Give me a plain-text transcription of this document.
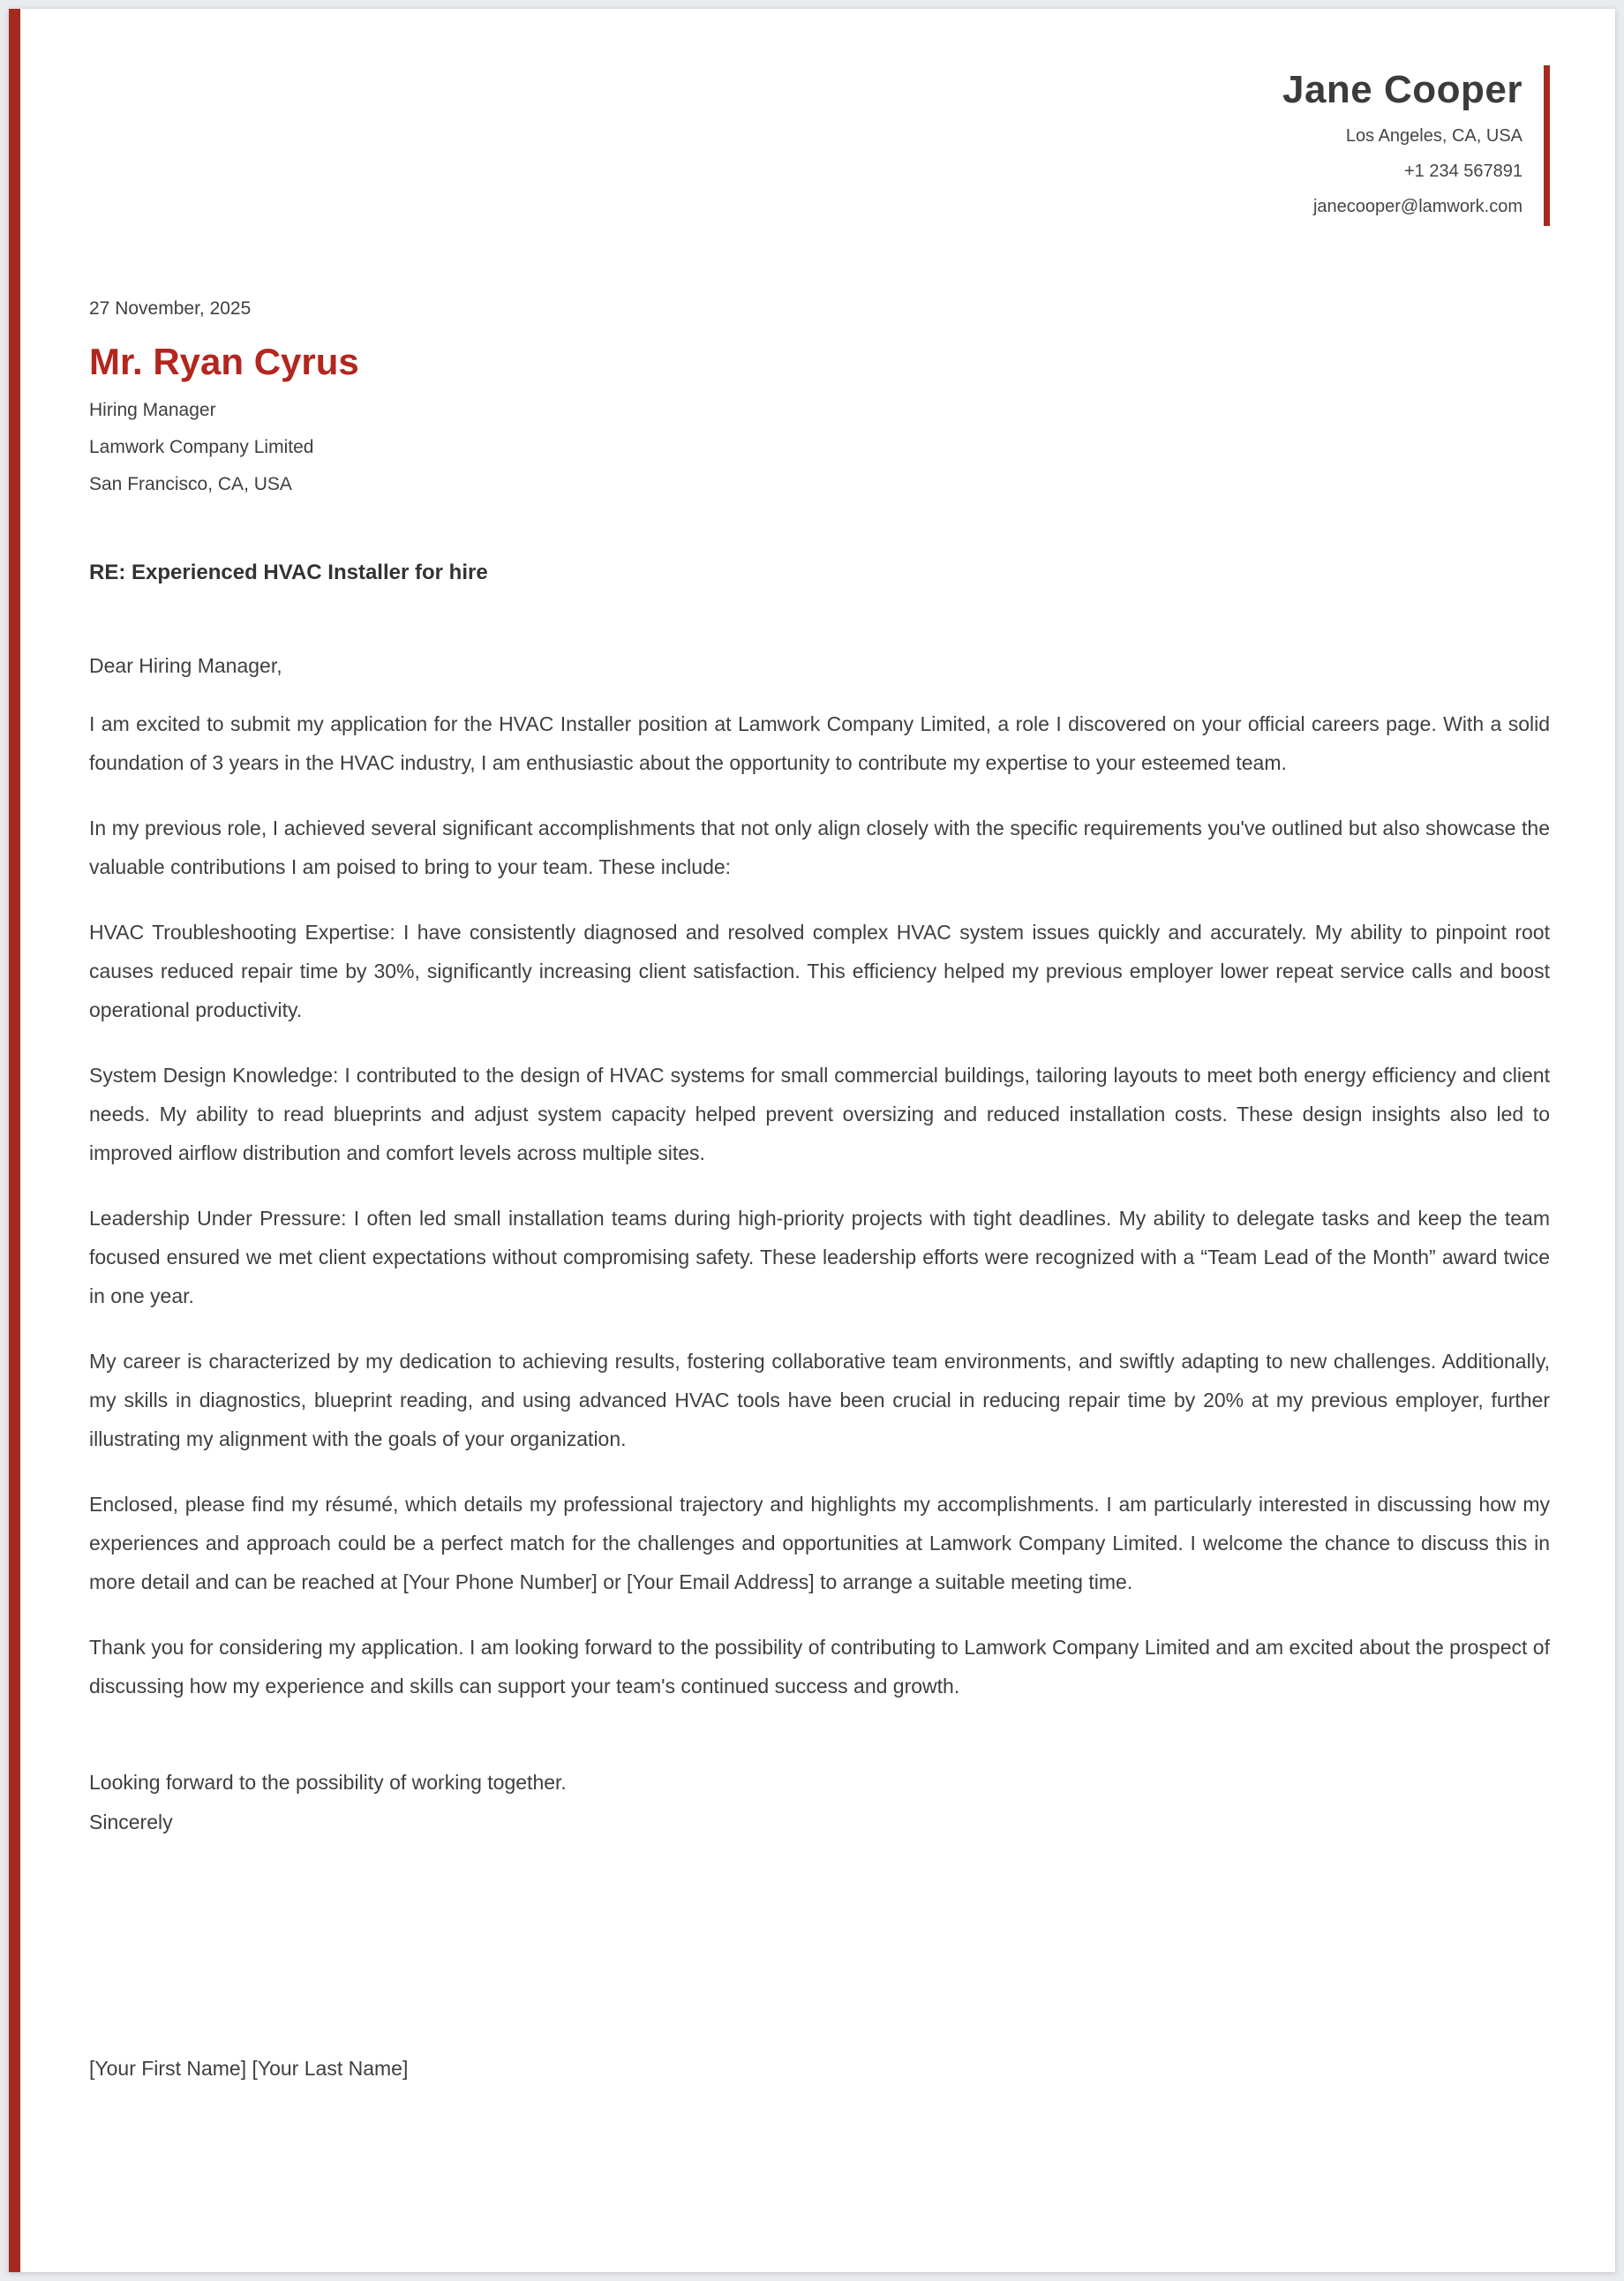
Jane Cooper
Los Angeles, CA, USA
+1 234 567891
janecooper@lamwork.com
27 November, 2025
Mr. Ryan Cyrus
Hiring Manager
Lamwork Company Limited
San Francisco, CA, USA
RE: Experienced HVAC Installer for hire
Dear Hiring Manager,

I am excited to submit my application for the HVAC Installer position at Lamwork Company Limited, a role I discovered on your official careers page. With a solid foundation of 3 years in the HVAC industry, I am enthusiastic about the opportunity to contribute my expertise to your esteemed team.

In my previous role, I achieved several significant accomplishments that not only align closely with the specific requirements you've outlined but also showcase the valuable contributions I am poised to bring to your team. These include:

HVAC Troubleshooting Expertise: I have consistently diagnosed and resolved complex HVAC system issues quickly and accurately. My ability to pinpoint root causes reduced repair time by 30%, significantly increasing client satisfaction. This efficiency helped my previous employer lower repeat service calls and boost operational productivity.

System Design Knowledge: I contributed to the design of HVAC systems for small commercial buildings, tailoring layouts to meet both energy efficiency and client needs. My ability to read blueprints and adjust system capacity helped prevent oversizing and reduced installation costs. These design insights also led to improved airflow distribution and comfort levels across multiple sites.

Leadership Under Pressure: I often led small installation teams during high-priority projects with tight deadlines. My ability to delegate tasks and keep the team focused ensured we met client expectations without compromising safety. These leadership efforts were recognized with a “Team Lead of the Month” award twice in one year.

My career is characterized by my dedication to achieving results, fostering collaborative team environments, and swiftly adapting to new challenges. Additionally, my skills in diagnostics, blueprint reading, and using advanced HVAC tools have been crucial in reducing repair time by 20% at my previous employer, further illustrating my alignment with the goals of your organization.

Enclosed, please find my résumé, which details my professional trajectory and highlights my accomplishments. I am particularly interested in discussing how my experiences and approach could be a perfect match for the challenges and opportunities at Lamwork Company Limited. I welcome the chance to discuss this in more detail and can be reached at [Your Phone Number] or [Your Email Address] to arrange a suitable meeting time.

Thank you for considering my application. I am looking forward to the possibility of contributing to Lamwork Company Limited and am excited about the prospect of discussing how my experience and skills can support your team's continued success and growth.

Looking forward to the possibility of working together.
Sincerely
[Your First Name] [Your Last Name]
